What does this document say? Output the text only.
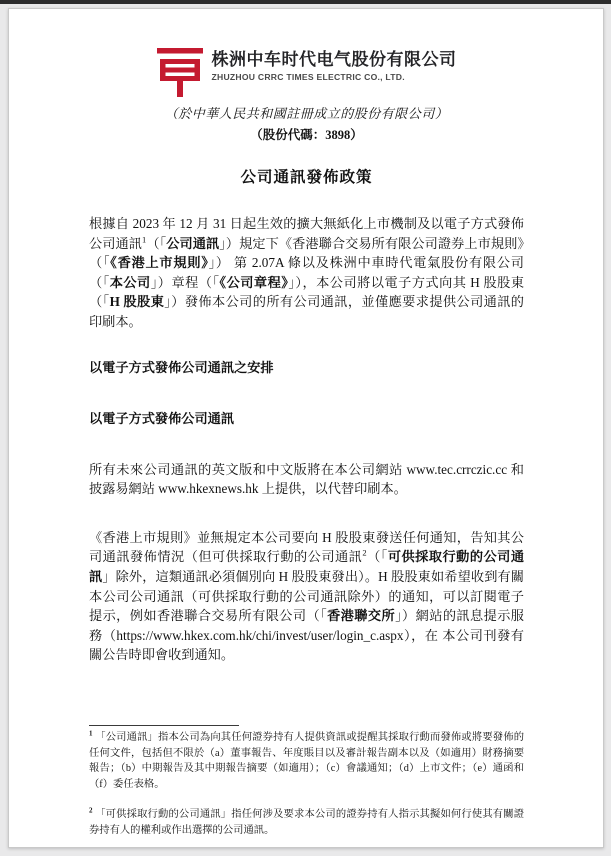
株洲中车时代电气股份有限公司
ZHUZHOU CRRC TIMES ELECTRIC CO., LTD.
（於中華人民共和國註冊成立的股份有限公司）
（股份代碼：3898）
公司通訊發佈政策
根據自 2023 年 12 月 31 日起生效的擴大無紙化上市機制及以電子方式發佈公司通訊$^1$（「公司通訊」）規定下《香港聯合交易所有限公司證券上市規則》（「《香港上市規則》」） 第 2.07A 條以及株洲中車時代電氣股份有限公司（「本公司」）章程（「《公司章程》」），本公司將以電子方式向其 H 股股東（「H 股股東」）發佈本公司的所有公司通訊，並僅應要求提供公司通訊的印刷本。
以電子方式發佈公司通訊之安排
以電子方式發佈公司通訊
所有未來公司通訊的英文版和中文版將在本公司網站 www.tec.crrczic.cc 和披露易網站 www.hkexnews.hk 上提供，以代替印刷本。
《香港上市規則》並無規定本公司要向 H 股股東發送任何通知，告知其公司通訊發佈情況（但可供採取行動的公司通訊$^2$（「可供採取行動的公司通訊」除外，這類通訊必須個別向 H 股股東發出）。H 股股東如希望收到有關本公司公司通訊（可供採取行動的公司通訊除外）的通知，可以訂閱電子提示，例如香港聯合交易所有限公司（「香港聯交所」）網站的訊息提示服務（https://www.hkex.com.hk/chi/invest/user/login_c.aspx），在 本公司刊發有關公告時即會收到通知。
$^1$ 「公司通訊」指本公司為向其任何證券持有人提供資訊或提醒其採取行動而發佈或將要發佈的任何文件，包括但不限於（a）董事報告、年度賬目以及審計報告副本以及（如適用）財務摘要報告；（b）中期報告及其中期報告摘要（如適用）；（c）會議通知；（d）上市文件；（e）通函和（f）委任表格。
$^2$ 「可供採取行動的公司通訊」指任何涉及要求本公司的證券持有人指示其擬如何行使其有關證券持有人的權利或作出選擇的公司通訊。
